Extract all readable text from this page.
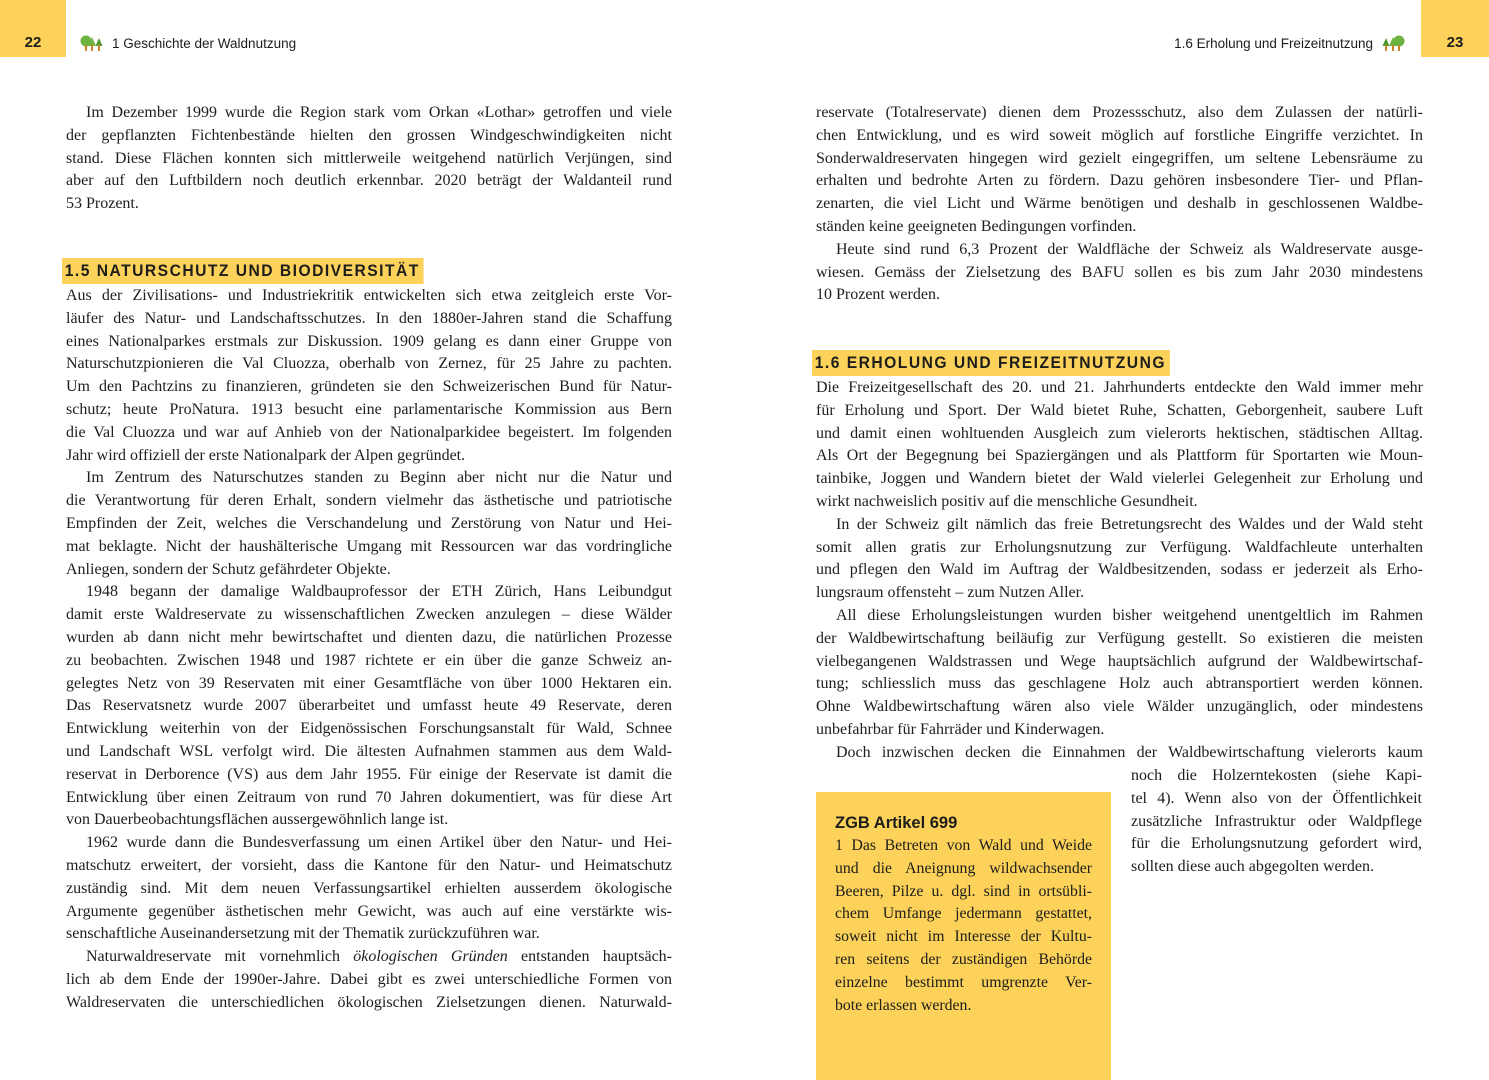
22	1 Geschichte der Waldnutzung	23
1.6 Erholung und Freizeitnutzung
Im Dezember 1999 wurde die Region stark vom Orkan «Lothar» getroffen und viele
der gepflanzten Fichtenbestände hielten den grossen Windgeschwindigkeiten nicht
stand. Diese Flächen konnten sich mittlerweile weitgehend natürlich Verjüngen, sind
aber auf den Luftbildern noch deutlich erkennbar. 2020 beträgt der Waldanteil rund
53 Prozent.
1.5 NATURSCHUTZ UND BIODIVERSITÄT
Aus der Zivilisations- und Industriekritik entwickelten sich etwa zeitgleich erste Vor-
läufer des Natur- und Landschaftsschutzes. In den 1880er-Jahren stand die Schaffung
eines Nationalparkes erstmals zur Diskussion. 1909 gelang es dann einer Gruppe von
Naturschutzpionieren die Val Cluozza, oberhalb von Zernez, für 25 Jahre zu pachten.
Um den Pachtzins zu finanzieren, gründeten sie den Schweizerischen Bund für Natur-
schutz; heute ProNatura. 1913 besucht eine parlamentarische Kommission aus Bern
die Val Cluozza und war auf Anhieb von der Nationalparkidee begeistert. Im folgenden
Jahr wird offiziell der erste Nationalpark der Alpen gegründet.
Im Zentrum des Naturschutzes standen zu Beginn aber nicht nur die Natur und
die Verantwortung für deren Erhalt, sondern vielmehr das ästhetische und patriotische
Empfinden der Zeit, welches die Verschandelung und Zerstörung von Natur und Hei-
mat beklagte. Nicht der haushälterische Umgang mit Ressourcen war das vordringliche
Anliegen, sondern der Schutz gefährdeter Objekte.
1948 begann der damalige Waldbauprofessor der ETH Zürich, Hans Leibundgut
damit erste Waldreservate zu wissenschaftlichen Zwecken anzulegen – diese Wälder
wurden ab dann nicht mehr bewirtschaftet und dienten dazu, die natürlichen Prozesse
zu beobachten. Zwischen 1948 und 1987 richtete er ein über die ganze Schweiz an-
gelegtes Netz von 39 Reservaten mit einer Gesamtfläche von über 1000 Hektaren ein.
Das Reservatsnetz wurde 2007 überarbeitet und umfasst heute 49 Reservate, deren
Entwicklung weiterhin von der Eidgenössischen Forschungsanstalt für Wald, Schnee
und Landschaft WSL verfolgt wird. Die ältesten Aufnahmen stammen aus dem Wald-
reservat in Derborence (VS) aus dem Jahr 1955. Für einige der Reservate ist damit die
Entwicklung über einen Zeitraum von rund 70 Jahren dokumentiert, was für diese Art
von Dauerbeobachtungsflächen aussergewöhnlich lange ist.
1962 wurde dann die Bundesverfassung um einen Artikel über den Natur- und Hei-
matschutz erweitert, der vorsieht, dass die Kantone für den Natur- und Heimatschutz
zuständig sind. Mit dem neuen Verfassungsartikel erhielten ausserdem ökologische
Argumente gegenüber ästhetischen mehr Gewicht, was auch auf eine verstärkte wis-
senschaftliche Auseinandersetzung mit der Thematik zurückzuführen war.
Naturwaldreservate mit vornehmlich ökologischen Gründen entstanden hauptsäch-
lich ab dem Ende der 1990er-Jahre. Dabei gibt es zwei unterschiedliche Formen von
Waldreservaten die unterschiedlichen ökologischen Zielsetzungen dienen. Naturwald-
reservate (Totalreservate) dienen dem Prozessschutz, also dem Zulassen der natürli-
chen Entwicklung, und es wird soweit möglich auf forstliche Eingriffe verzichtet. In
Sonderwaldreservaten hingegen wird gezielt eingegriffen, um seltene Lebensräume zu
erhalten und bedrohte Arten zu fördern. Dazu gehören insbesondere Tier- und Pflan-
zenarten, die viel Licht und Wärme benötigen und deshalb in geschlossenen Waldbe-
ständen keine geeigneten Bedingungen vorfinden.
Heute sind rund 6,3 Prozent der Waldfläche der Schweiz als Waldreservate ausge-
wiesen. Gemäss der Zielsetzung des BAFU sollen es bis zum Jahr 2030 mindestens
10 Prozent werden.
1.6 ERHOLUNG UND FREIZEITNUTZUNG
Die Freizeitgesellschaft des 20. und 21. Jahrhunderts entdeckte den Wald immer mehr
für Erholung und Sport. Der Wald bietet Ruhe, Schatten, Geborgenheit, saubere Luft
und damit einen wohltuenden Ausgleich zum vielerorts hektischen, städtischen Alltag.
Als Ort der Begegnung bei Spaziergängen und als Plattform für Sportarten wie Moun-
tainbike, Joggen und Wandern bietet der Wald vielerlei Gelegenheit zur Erholung und
wirkt nachweislich positiv auf die menschliche Gesundheit.
In der Schweiz gilt nämlich das freie Betretungsrecht des Waldes und der Wald steht
somit allen gratis zur Erholungsnutzung zur Verfügung. Waldfachleute unterhalten
und pflegen den Wald im Auftrag der Waldbesitzenden, sodass er jederzeit als Erho-
lungsraum offensteht – zum Nutzen Aller.
All diese Erholungsleistungen wurden bisher weitgehend unentgeltlich im Rahmen
der Waldbewirtschaftung beiläufig zur Verfügung gestellt. So existieren die meisten
vielbegangenen Waldstrassen und Wege hauptsächlich aufgrund der Waldbewirtschaf-
tung; schliesslich muss das geschlagene Holz auch abtransportiert werden können.
Ohne Waldbewirtschaftung wären also viele Wälder unzugänglich, oder mindestens
unbefahrbar für Fahrräder und Kinderwagen.
Doch inzwischen decken die Einnahmen der Waldbewirtschaftung vielerorts kaum
noch die Holzerntekosten (siehe Kapi-
tel 4). Wenn also von der Öffentlichkeit
zusätzliche Infrastruktur oder Waldpflege
für die Erholungsnutzung gefordert wird,
sollten diese auch abgegolten werden.
ZGB Artikel 699
1 Das Betreten von Wald und Weide
und die Aneignung wildwachsender
Beeren, Pilze u. dgl. sind in ortsübli-
chem Umfange jedermann gestattet,
soweit nicht im Interesse der Kultu-
ren seitens der zuständigen Behörde
einzelne bestimmt umgrenzte Ver-
bote erlassen werden.
